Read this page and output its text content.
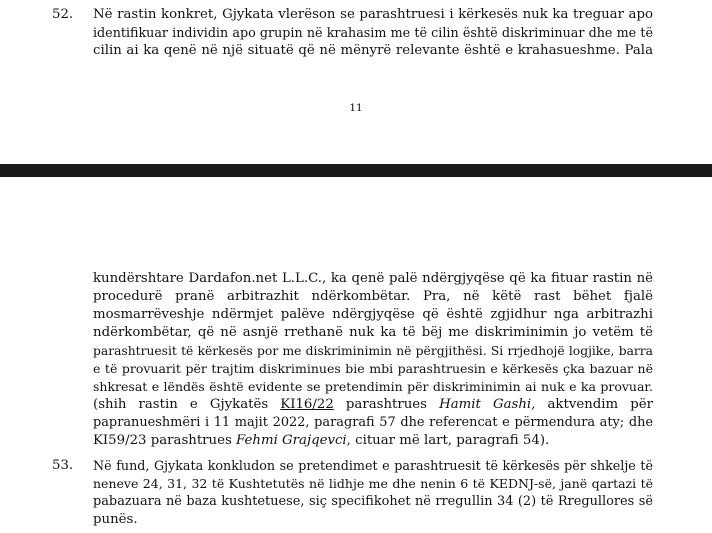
52. Në rastin konkret, Gjykata vlerëson se parashtruesi i kërkesës nuk ka treguar apo
identifikuar individin apo grupin në krahasim me të cilin është diskriminuar dhe me të
cilin ai ka qenë në një situatë që në mënyrë relevante është e krahasueshme. Pala
11
kundërshtare Dardafon.net L.L.C., ka qenë palë ndërgjyqëse që ka fituar rastin në
procedurë pranë arbitrazhit ndërkombëtar. Pra, në këtë rast bëhet fjalë
mosmarrëveshje ndërmjet palëve ndërgjyqëse që është zgjidhur nga arbitrazhi
ndërkombëtar, që në asnjë rrethanë nuk ka të bëj me diskriminimin jo vetëm të
parashtruesit të kërkesës por me diskriminimin në përgjithësi. Si rrjedhojë logjike, barra
e të provuarit për trajtim diskriminues bie mbi parashtruesin e kërkesës çka bazuar në
shkresat e lëndës është evidente se pretendimin për diskriminimin ai nuk e ka provuar.
(shih rastin e Gjykatës KI16/22 parashtrues Hamit Gashi, aktvendim për
papranueshmëri i 11 majit 2022, paragrafi 57 dhe referencat e përmendura aty; dhe
KI59/23 parashtrues Fehmi Grajqevci, cituar më lart, paragrafi 54).
53. Në fund, Gjykata konkludon se pretendimet e parashtruesit të kërkesës për shkelje të
neneve 24, 31, 32 të Kushtetutës në lidhje me dhe nenin 6 të KEDNJ-së, janë qartazi të
pabazuara në baza kushtetuese, siç specifikohet në rregullin 34 (2) të Rregullores së
punës.
